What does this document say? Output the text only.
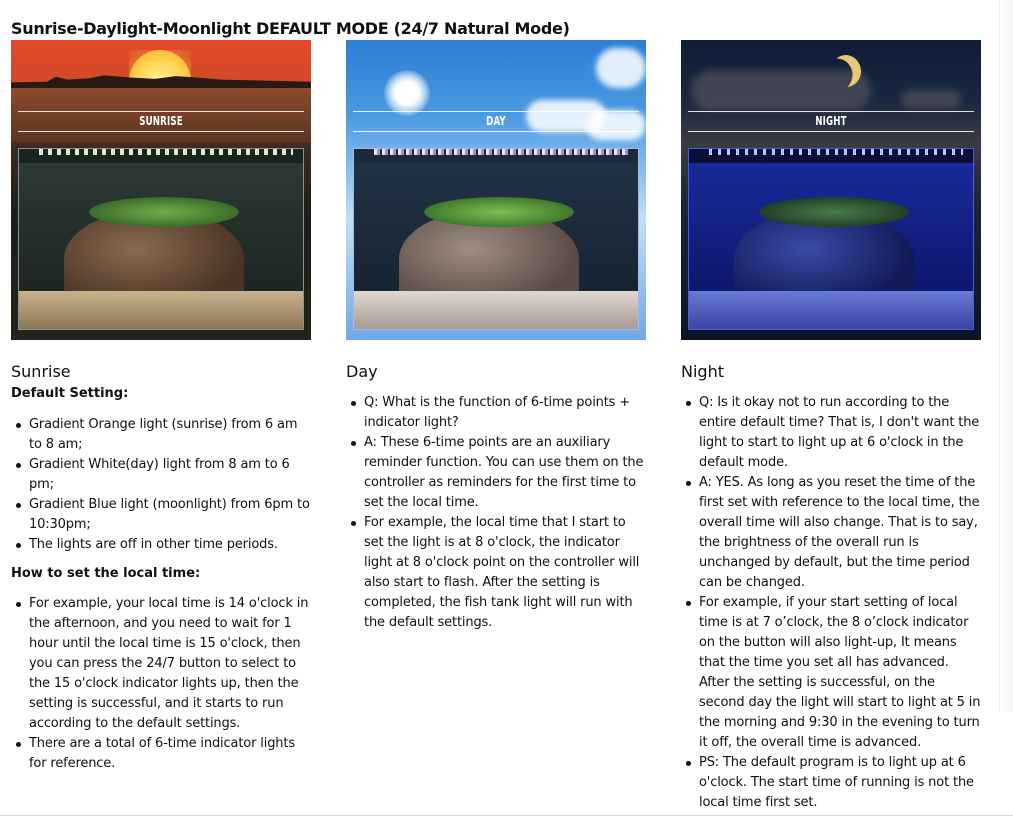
Sunrise-Daylight-Moonlight DEFAULT MODE (24/7 Natural Mode)
SUNRISE
Sunrise
Default Setting:
Gradient Orange light (sunrise) from 6 am to 8 am;
Gradient White(day) light from 8 am to 6 pm;
Gradient Blue light (moonlight) from 6pm to 10:30pm;
The lights are off in other time periods.
How to set the local time:
For example, your local time is 14 o'clock in the afternoon, and you need to wait for 1 hour until the local time is 15 o'clock, then you can press the 24/7 button to select to the 15 o'clock indicator lights up, then the setting is successful, and it starts to run according to the default settings.
There are a total of 6-time indicator lights for reference.
DAY
Day
Q: What is the function of 6-time points + indicator light?
A: These 6-time points are an auxiliary reminder function. You can use them on the controller as reminders for the first time to set the local time.
For example, the local time that I start to set the light is at 8 o'clock, the indicator light at 8 o'clock point on the controller will also start to flash. After the setting is completed, the fish tank light will run with the default settings.
NIGHT
Night
Q: Is it okay not to run according to the entire default time? That is, I don't want the light to start to light up at 6 o'clock in the default mode.
A: YES. As long as you reset the time of the first set with reference to the local time, the overall time will also change. That is to say, the brightness of the overall run is unchanged by default, but the time period can be changed.
For example, if your start setting of local time is at 7 o’clock, the 8 o’clock indicator on the button will also light-up, It means that the time you set all has advanced. After the setting is successful, on the second day the light will start to light at 5 in the morning and 9:30 in the evening to turn it off, the overall time is advanced.
PS: The default program is to light up at 6 o'clock. The start time of running is not the local time first set.
